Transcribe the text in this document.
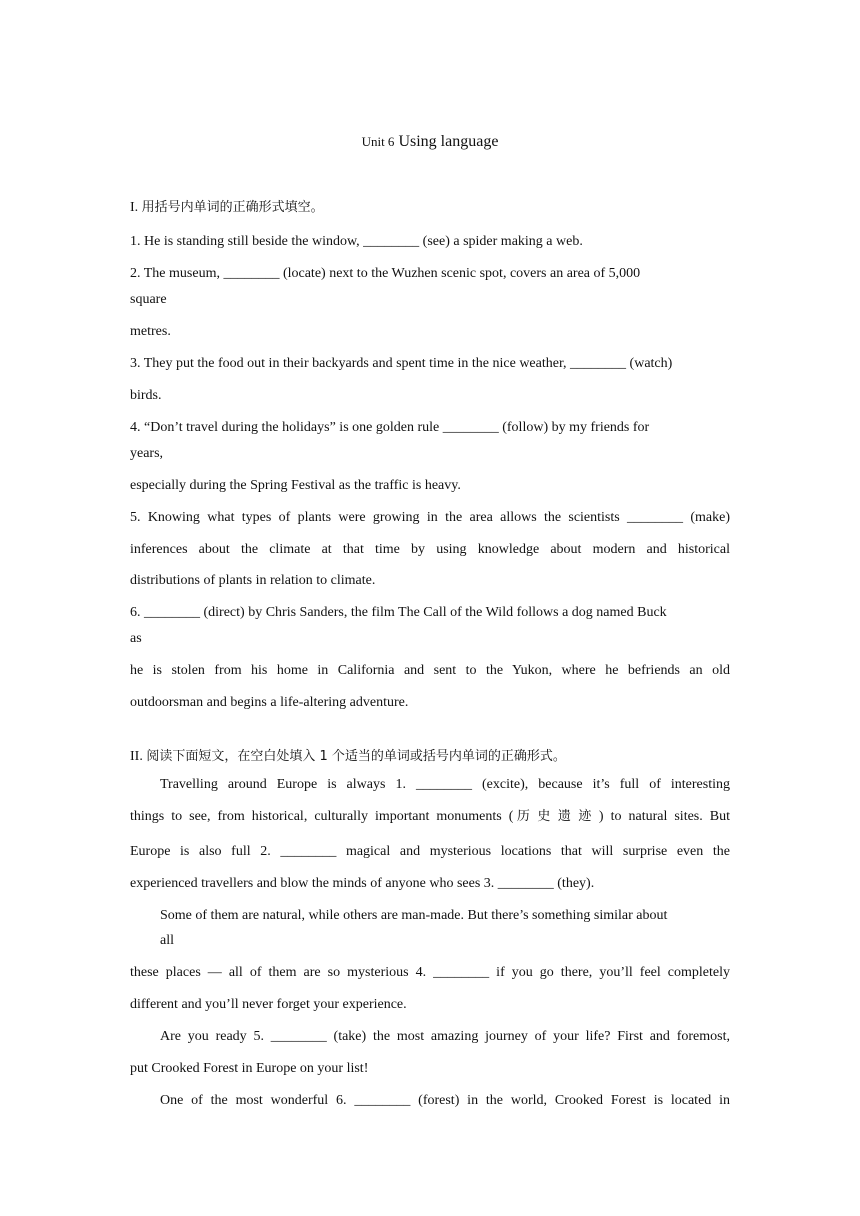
Unit 6 Using language
I. 用括号内单词的正确形式填空。
1. He is standing still beside the window, ________ (see) a spider making a web.
2. The museum, ________ (locate) next to the Wuzhen scenic spot, covers an area of 5,000
square
metres.
3. They put the food out in their backyards and spent time in the nice weather, ________ (watch)
birds.
4. “Don’t travel during the holidays” is one golden rule ________ (follow) by my friends for
years,
especially during the Spring Festival as the traffic is heavy.
5. Knowing what types of plants were growing in the area allows the scientists ________ (make)
inferences about the climate at that time by using knowledge about modern and historical
distributions of plants in relation to climate.
6. ________ (direct) by Chris Sanders, the film The Call of the Wild follows a dog named Buck
as
he is stolen from his home in California and sent to the Yukon, where he befriends an old
outdoorsman and begins a life-altering adventure.
II. 阅读下面短文，在空白处填入 1 个适当的单词或括号内单词的正确形式。
Travelling around Europe is always 1. ________ (excite), because it’s full of interesting
things to see, from historical, culturally important monuments (历史遗迹) to natural sites. But
Europe is also full 2. ________ magical and mysterious locations that will surprise even the
experienced travellers and blow the minds of anyone who sees 3. ________ (they).
Some of them are natural, while others are man-made. But there’s something similar about
all
these places — all of them are so mysterious 4. ________ if you go there, you’ll feel completely
different and you’ll never forget your experience.
Are you ready 5. ________ (take) the most amazing journey of your life? First and foremost,
put Crooked Forest in Europe on your list!
One of the most wonderful 6. ________ (forest) in the world, Crooked Forest is located in
